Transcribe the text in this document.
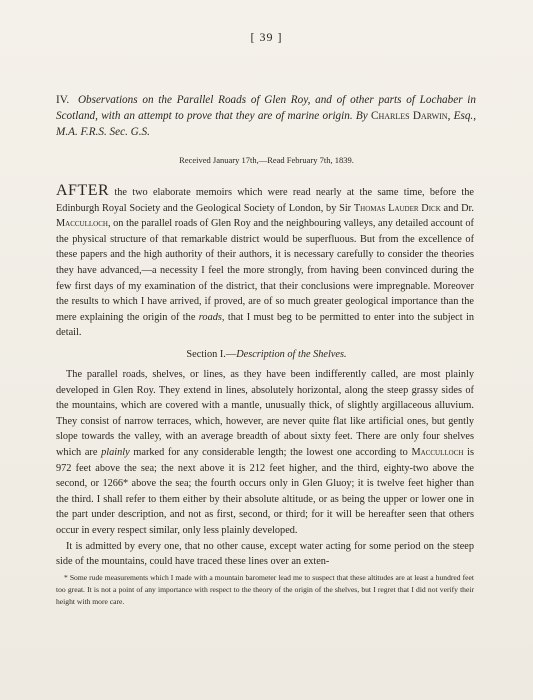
[ 39 ]
IV. Observations on the Parallel Roads of Glen Roy, and of other parts of Lochaber in Scotland, with an attempt to prove that they are of marine origin. By Charles Darwin, Esq., M.A. F.R.S. Sec. G.S.
Received January 17th,—Read February 7th, 1839.

AFTER the two elaborate memoirs which were read nearly at the same time, before the Edinburgh Royal Society and the Geological Society of London, by Sir Thomas Lauder Dick and Dr. Macculloch, on the parallel roads of Glen Roy and the neighbouring valleys, any detailed account of the physical structure of that remarkable district would be superfluous. But from the excellence of these papers and the high authority of their authors, it is necessary carefully to consider the theories they have advanced,—a necessity I feel the more strongly, from having been convinced during the few first days of my examination of the district, that their conclusions were impregnable. Moreover the results to which I have arrived, if proved, are of so much greater geological importance than the mere explaining the origin of the roads, that I must beg to be permitted to enter into the subject in detail.

Section I.—Description of the Shelves.

The parallel roads, shelves, or lines, as they have been indifferently called, are most plainly developed in Glen Roy. They extend in lines, absolutely horizontal, along the steep grassy sides of the mountains, which are covered with a mantle, unusually thick, of slightly argillaceous alluvium. They consist of narrow terraces, which, however, are never quite flat like artificial ones, but gently slope towards the valley, with an average breadth of about sixty feet. There are only four shelves which are plainly marked for any considerable length; the lowest one according to Macculloch is 972 feet above the sea; the next above it is 212 feet higher, and the third, eighty-two above the second, or 1266* above the sea; the fourth occurs only in Glen Gluoy; it is twelve feet higher than the third. I shall refer to them either by their absolute altitude, or as being the upper or lower one in the part under description, and not as first, second, or third; for it will be hereafter seen that others occur in every respect similar, only less plainly developed.

It is admitted by every one, that no other cause, except water acting for some period on the steep side of the mountains, could have traced these lines over an exten-

* Some rude measurements which I made with a mountain barometer lead me to suspect that these altitudes are at least a hundred feet too great. It is not a point of any importance with respect to the theory of the origin of the shelves, but I regret that I did not verify their height with more care.
